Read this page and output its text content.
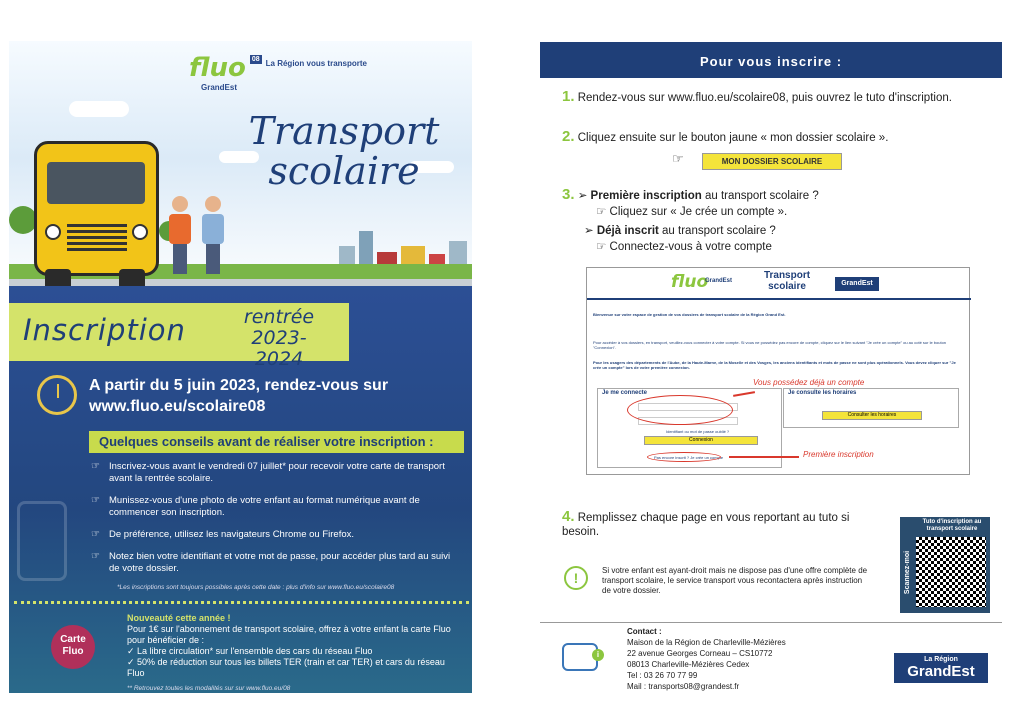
fluo 08 La Région vous transporte
GrandEst
Transport scolaire
Inscription	rentrée 2023-2024
A partir du 5 juin 2023, rendez-vous sur www.fluo.eu/scolaire08
Quelques conseils avant de réaliser votre inscription :
☞ Inscrivez-vous avant le vendredi 07 juillet* pour recevoir votre carte de transport avant la rentrée scolaire.
☞ Munissez-vous d'une photo de votre enfant au format numérique avant de commencer son inscription.
☞ De préférence, utilisez les navigateurs Chrome ou Firefox.
☞ Notez bien votre identifiant et votre mot de passe, pour accéder plus tard au suivi de votre dossier.
*Les inscriptions sont toujours possibles après cette date : plus d'info sur www.fluo.eu/scolaire08
Carte Fluo
Nouveauté cette année !
Pour 1€ sur l'abonnement de transport scolaire, offrez à votre enfant la carte Fluo pour bénéficier de :
✓ La libre circulation* sur l'ensemble des cars du réseau Fluo
✓ 50% de réduction sur tous les billets TER (train et car TER) et cars du réseau Fluo
** Retrouvez toutes les modalités sur sur www.fluo.eu/08
Pour vous inscrire :
1. Rendez-vous sur www.fluo.eu/scolaire08, puis ouvrez le tuto d'inscription.
2. Cliquez ensuite sur le bouton jaune « mon dossier scolaire ».
☞	MON DOSSIER SCOLAIRE
3. ➢ Première inscription au transport scolaire ?
☞ Cliquez sur « Je crée un compte ».
➢ Déjà inscrit au transport scolaire ?
☞ Connectez-vous à votre compte
fluo
GrandEst	Transport scolaire	GrandEst
Bienvenue sur votre espace de gestion de vos dossiers de transport scolaire de la Région Grand Est.
Pour accéder à vos dossiers, en transport, veuillez-vous connecter à votre compte. Si vous ne possédez pas encore de compte, cliquez sur le lien suivant "Je crée un compte" ou au coté sur le bouton "Connexion".
Pour les usagers des départements de l'Aube, de la Haute-Marne, de la Moselle et des Vosges, les anciens identifiants et mots de passe ne sont plus opérationnels. Vous devez cliquer sur "Je crée un compte" lors de votre première connexion.
Je me connecte
Identifiant ou mot de passe oublié ?
Connexion
Pas encore inscrit ? Je crée un compte
Je consulte les horaires
Consulter les horaires
Vous possédez déjà un compte
Première inscription
4. Remplissez chaque page en vous reportant au tuto si besoin.
!	Si votre enfant est ayant-droit mais ne dispose pas d'une offre complète de transport scolaire, le service transport vous recontactera après instruction de votre dossier.
Tuto d'inscription au transport scolaire
Scannez-moi
i
Contact :
Maison de la Région de Charleville-Mézières
22 avenue Georges Corneau – CS10772
08013 Charleville-Mézières Cedex
Tel : 03 26 70 77 99
Mail : transports08@grandest.fr
La Région
GrandEst
